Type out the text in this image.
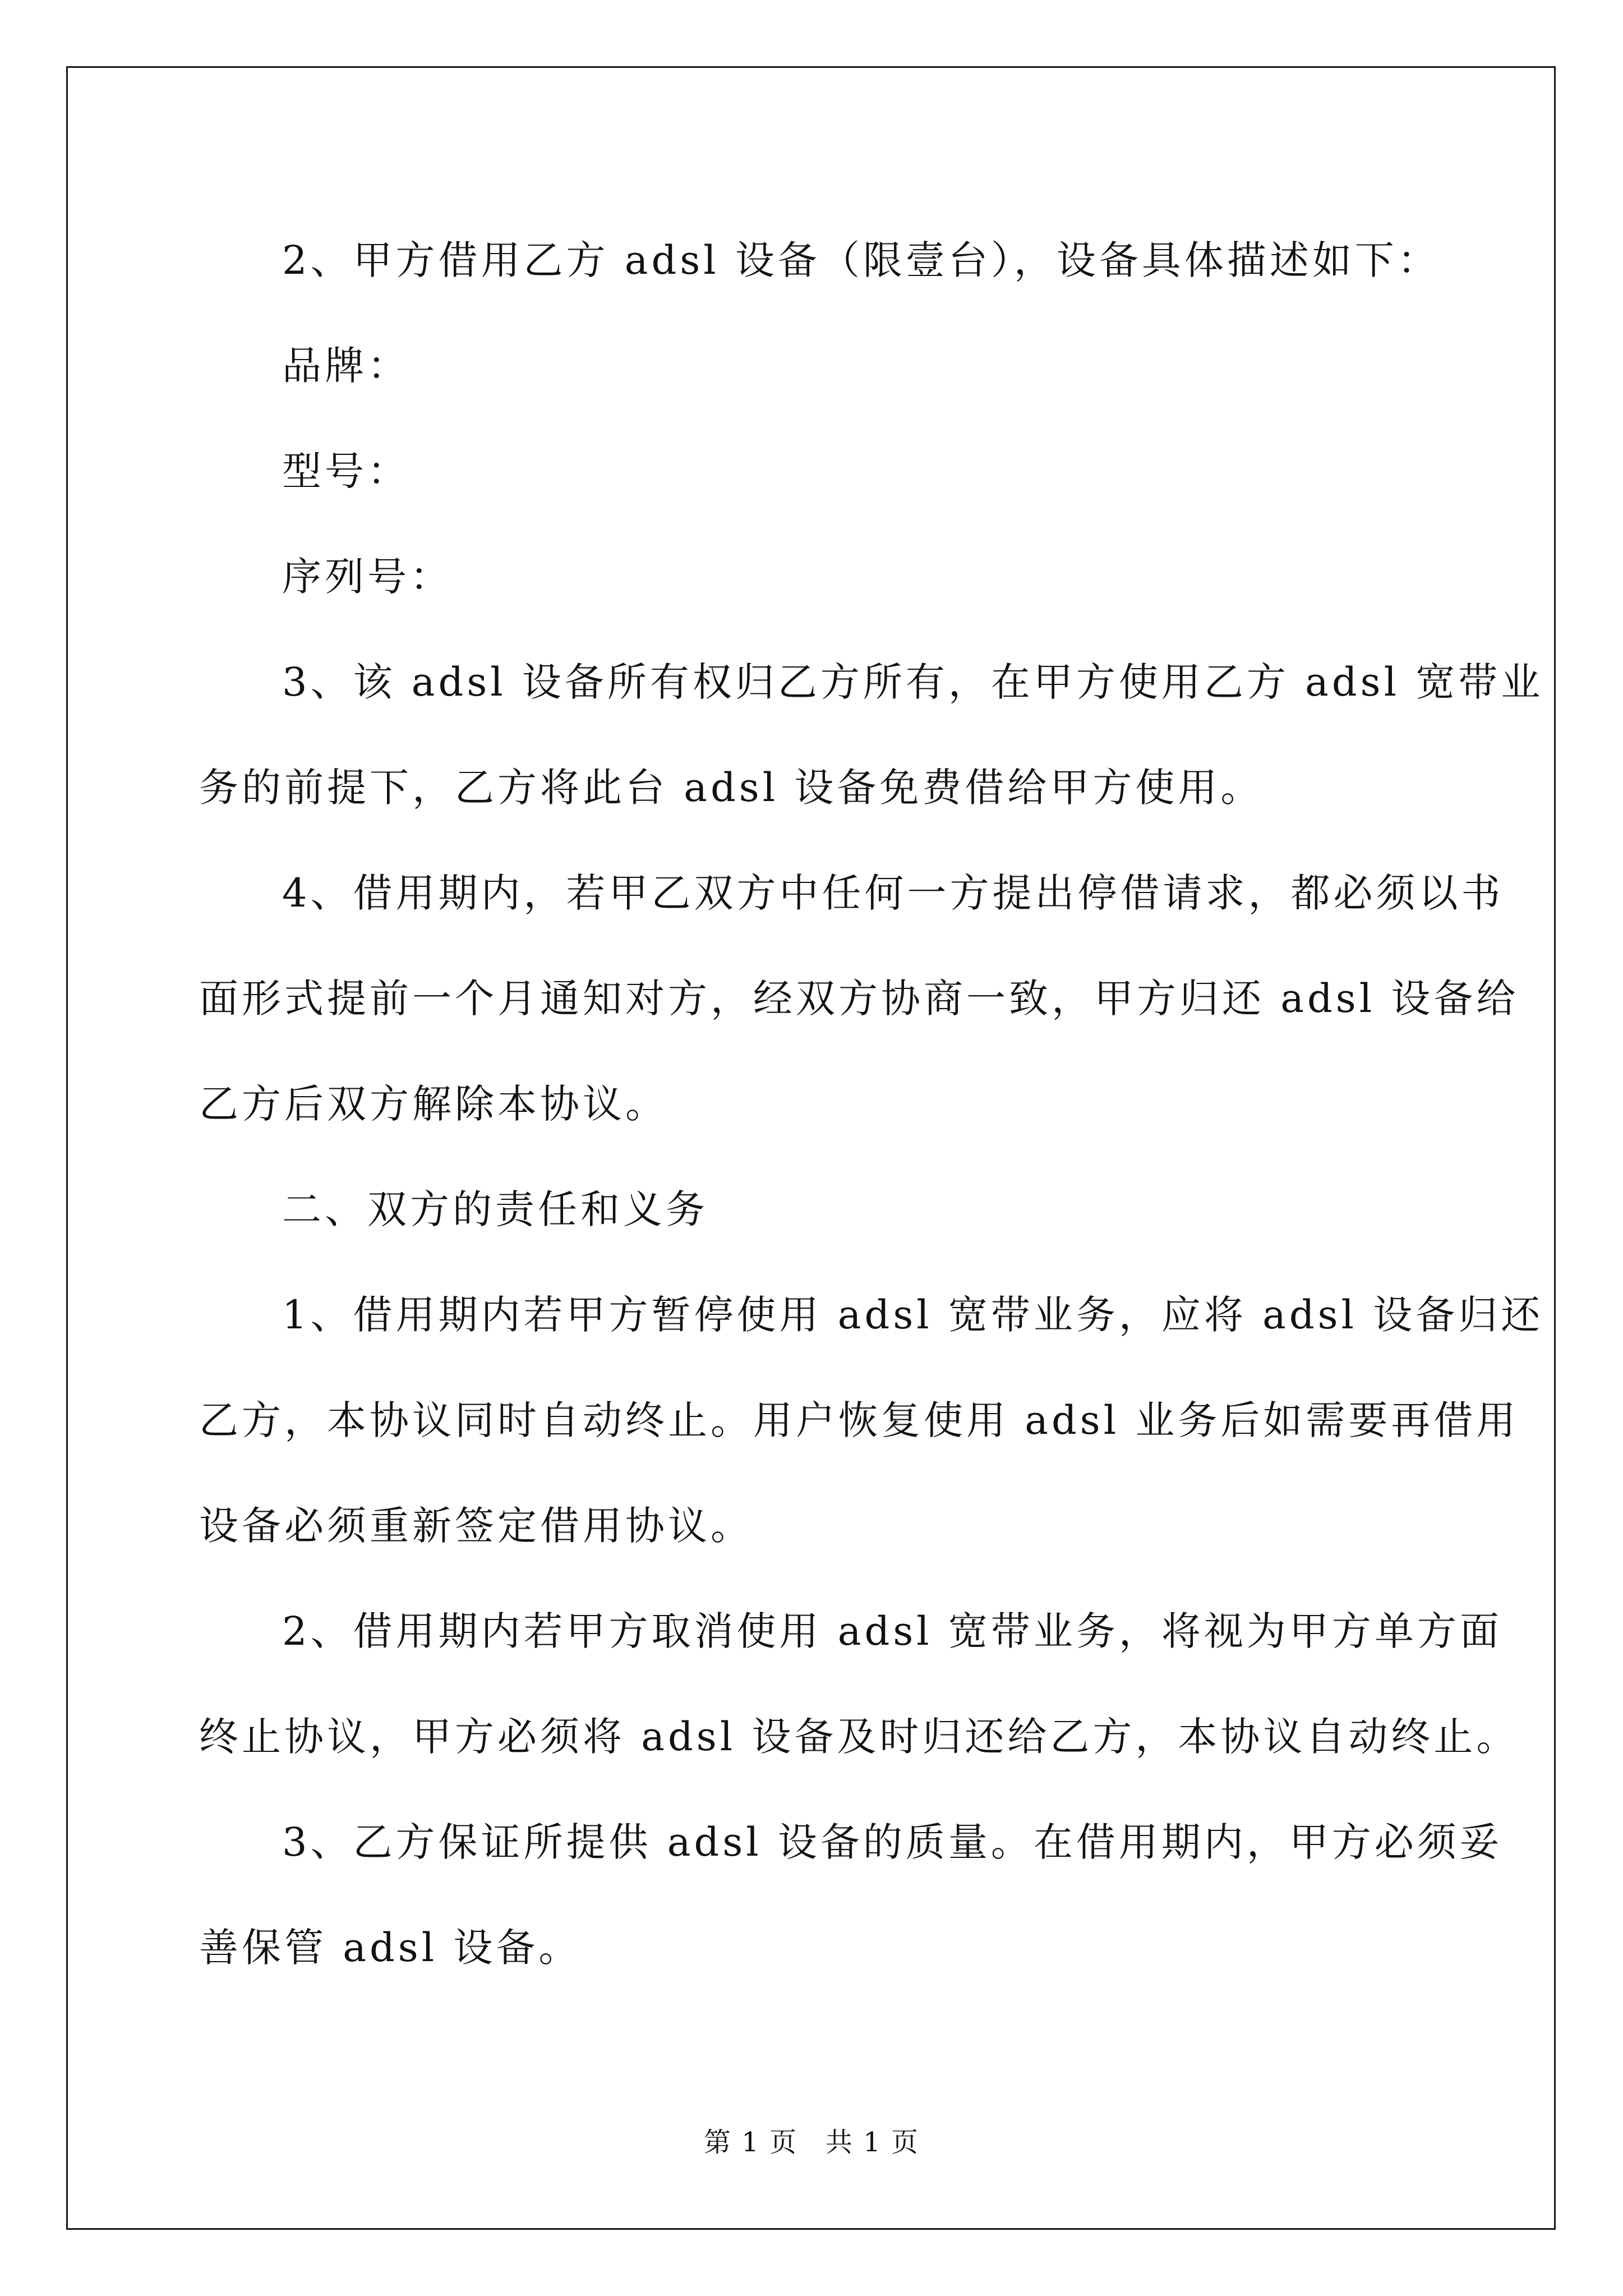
2、甲方借用乙方 adsl 设备（限壹台），设备具体描述如下：
品牌：
型号：
序列号：
3、该 adsl 设备所有权归乙方所有，在甲方使用乙方 adsl 宽带业
务的前提下，乙方将此台 adsl 设备免费借给甲方使用。
4、借用期内，若甲乙双方中任何一方提出停借请求，都必须以书
面形式提前一个月通知对方，经双方协商一致，甲方归还 adsl 设备给
乙方后双方解除本协议。
二、双方的责任和义务
1、借用期内若甲方暂停使用 adsl 宽带业务，应将 adsl 设备归还
乙方，本协议同时自动终止。用户恢复使用 adsl 业务后如需要再借用
设备必须重新签定借用协议。
2、借用期内若甲方取消使用 adsl 宽带业务，将视为甲方单方面
终止协议，甲方必须将 adsl 设备及时归还给乙方，本协议自动终止。
3、乙方保证所提供 adsl 设备的质量。在借用期内，甲方必须妥
善保管 adsl 设备。
第 1 页 共 1 页
